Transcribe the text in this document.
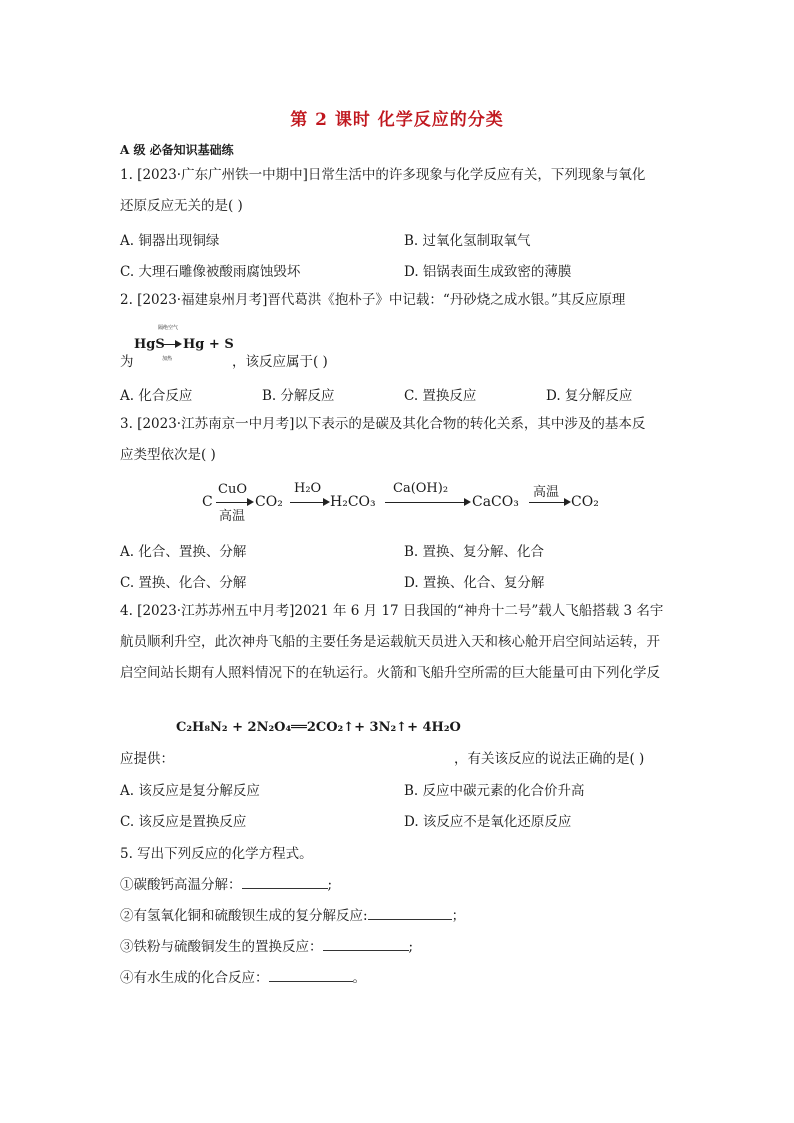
第 2 课时 化学反应的分类
A 级 必备知识基础练
1. [2023·广东广州铁一中期中]日常生活中的许多现象与化学反应有关，下列现象与氧化
还原反应无关的是( )
A. 铜器出现铜绿	B. 过氧化氢制取氧气
C. 大理石雕像被酸雨腐蚀毁坏	D. 铝锅表面生成致密的薄膜
2. [2023·福建泉州月考]晋代葛洪《抱朴子》中记载：“丹砂烧之成水银。”其反应原理
为
HgS
隔绝空气
加热
Hg + S
，该反应属于( )
A. 化合反应	B. 分解反应	C. 置换反应	D. 复分解反应
3. [2023·江苏南京一中月考]以下表示的是碳及其化合物的转化关系，其中涉及的基本反
应类型依次是( )
C
CuO
高温
CO₂
H₂O
H₂CO₃
Ca(OH)₂
CaCO₃
高温
CO₂
A. 化合、置换、分解	B. 置换、复分解、化合
C. 置换、化合、分解	D. 置换、化合、复分解
4. [2023·江苏苏州五中月考]2021 年 6 月 17 日我国的“神舟十二号”载人飞船搭载 3 名宇
航员顺利升空，此次神舟飞船的主要任务是运载航天员进入天和核心舱开启空间站运转，开
启空间站长期有人照料情况下的在轨运行。火箭和飞船升空所需的巨大能量可由下列化学反
C₂H₈N₂ + 2N₂O₄══2CO₂↑+ 3N₂↑+ 4H₂O
应提供：	，有关该反应的说法正确的是( )
A. 该反应是复分解反应	B. 反应中碳元素的化合价升高
C. 该反应是置换反应	D. 该反应不是氧化还原反应
5. 写出下列反应的化学方程式。
①碳酸钙高温分解：	;
②有氢氧化铜和硫酸钡生成的复分解反应:	；
③铁粉与硫酸铜发生的置换反应：	;
④有水生成的化合反应：	。
